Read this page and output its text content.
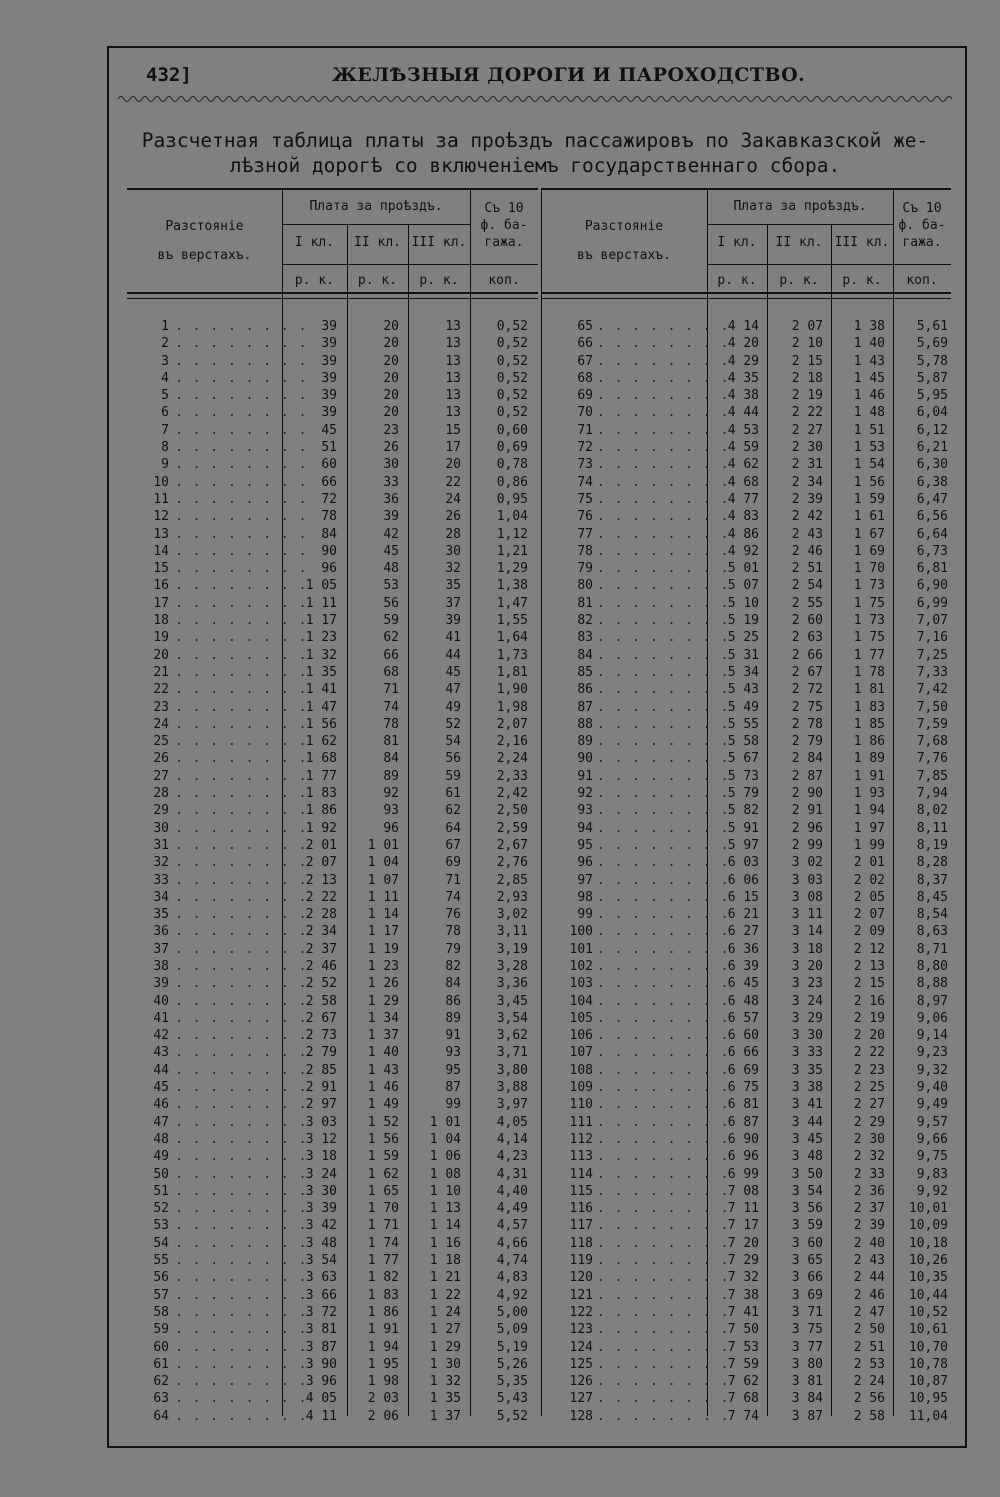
432]	ЖЕЛѢЗНЫЯ ДОРОГИ И ПАРОХОДСТВО.
Разсчетная таблица платы за проѣздъ пассажировъ по Закавказской же-
лѣзной дорогѣ со включеніемъ государственнаго сбора.
Разстояніе
въ верстахъ.
Плата за проѣздъ.
I кл.	II кл. III кл.
Съ 10
ф. ба-
гажа.
р. к.	р. к.	р. к.	коп.
. . . . . . . .
1	39	20	13	0,52
. . . . . . . .
2	39	20	13	0,52
. . . . . . . .
3	39	20	13	0,52
. . . . . . . .
4	39	20	13	0,52
. . . . . . . .
5	39	20	13	0,52
. . . . . . . .
6	39	20	13	0,52
. . . . . . . .
7	45	23	15	0,60
. . . . . . . .
8	51	26	17	0,69
. . . . . . . .
9	60	30	20	0,78
. . . . . . . .
10	66	33	22	0,86
. . . . . . . .
11	72	36	24	0,95
. . . . . . . .
12	78	39	26	1,04
. . . . . . . .
13	84	42	28	1,12
. . . . . . . .
14	90	45	30	1,21
. . . . . . . .
15	96	48	32	1,29
. . . . . . . .
16	1 05	53	35	1,38
. . . . . . . .
17	1 11	56	37	1,47
. . . . . . . .
18	1 17	59	39	1,55
. . . . . . . .
19	1 23	62	41	1,64
. . . . . . . .
20	1 32	66	44	1,73
. . . . . . . .
21	1 35	68	45	1,81
. . . . . . . .
22	1 41	71	47	1,90
. . . . . . . .
23	1 47	74	49	1,98
. . . . . . . .
24	1 56	78	52	2,07
. . . . . . . .
25	1 62	81	54	2,16
. . . . . . . .
26	1 68	84	56	2,24
. . . . . . . .
27	1 77	89	59	2,33
. . . . . . . .
28	1 83	92	61	2,42
. . . . . . . .
29	1 86	93	62	2,50
. . . . . . . .
30	1 92	96	64	2,59
. . . . . . . .
31	2 01	1 01	67	2,67
. . . . . . . .
32	2 07	1 04	69	2,76
. . . . . . . .
33	2 13	1 07	71	2,85
. . . . . . . .
34	2 22	1 11	74	2,93
. . . . . . . .
35	2 28	1 14	76	3,02
. . . . . . . .
36	2 34	1 17	78	3,11
. . . . . . . .
37	2 37	1 19	79	3,19
. . . . . . . .
38	2 46	1 23	82	3,28
. . . . . . . .
39	2 52	1 26	84	3,36
. . . . . . . .
40	2 58	1 29	86	3,45
. . . . . . . .
41	2 67	1 34	89	3,54
. . . . . . . .
42	2 73	1 37	91	3,62
. . . . . . . .
43	2 79	1 40	93	3,71
. . . . . . . .
44	2 85	1 43	95	3,80
. . . . . . . .
45	2 91	1 46	87	3,88
. . . . . . . .
46	2 97	1 49	99	3,97
. . . . . . . .
47	3 03	1 52	1 01	4,05
. . . . . . . .
48	3 12	1 56	1 04	4,14
. . . . . . . .
49	3 18	1 59	1 06	4,23
. . . . . . . .
50	3 24	1 62	1 08	4,31
. . . . . . . .
51	3 30	1 65	1 10	4,40
. . . . . . . .
52	3 39	1 70	1 13	4,49
. . . . . . . .
53	3 42	1 71	1 14	4,57
. . . . . . . .
54	3 48	1 74	1 16	4,66
. . . . . . . .
55	3 54	1 77	1 18	4,74
. . . . . . . .
56	3 63	1 82	1 21	4,83
. . . . . . . .
57	3 66	1 83	1 22	4,92
. . . . . . . .
58	3 72	1 86	1 24	5,00
. . . . . . . .
59	3 81	1 91	1 27	5,09
. . . . . . . .
60	3 87	1 94	1 29	5,19
. . . . . . . .
61	3 90	1 95	1 30	5,26
. . . . . . . .
62	3 96	1 98	1 32	5,35
. . . . . . . .
63	4 05	2 03	1 35	5,43
. . . . . . . .
64	4 11	2 06	1 37	5,52
Разстояніе
въ верстахъ.
Плата за проѣздъ.
I кл.	II кл. III кл.
Съ 10
ф. ба-
гажа.
р. к.	р. к.	р. к.	коп.
. . . . . . . .
65	4 14	2 07	1 38	5,61
. . . . . . . .
66	4 20	2 10	1 40	5,69
. . . . . . . .
67	4 29	2 15	1 43	5,78
. . . . . . . .
68	4 35	2 18	1 45	5,87
. . . . . . . .
69	4 38	2 19	1 46	5,95
. . . . . . . .
70	4 44	2 22	1 48	6,04
. . . . . . . .
71	4 53	2 27	1 51	6,12
. . . . . . . .
72	4 59	2 30	1 53	6,21
. . . . . . . .
73	4 62	2 31	1 54	6,30
. . . . . . . .
74	4 68	2 34	1 56	6,38
. . . . . . . .
75	4 77	2 39	1 59	6,47
. . . . . . . .
76	4 83	2 42	1 61	6,56
. . . . . . . .
77	4 86	2 43	1 67	6,64
. . . . . . . .
78	4 92	2 46	1 69	6,73
. . . . . . . .
79	5 01	2 51	1 70	6,81
. . . . . . . .
80	5 07	2 54	1 73	6,90
. . . . . . . .
81	5 10	2 55	1 75	6,99
. . . . . . . .
82	5 19	2 60	1 73	7,07
. . . . . . . .
83	5 25	2 63	1 75	7,16
. . . . . . . .
84	5 31	2 66	1 77	7,25
. . . . . . . .
85	5 34	2 67	1 78	7,33
. . . . . . . .
86	5 43	2 72	1 81	7,42
. . . . . . . .
87	5 49	2 75	1 83	7,50
. . . . . . . .
88	5 55	2 78	1 85	7,59
. . . . . . . .
89	5 58	2 79	1 86	7,68
. . . . . . . .
90	5 67	2 84	1 89	7,76
. . . . . . . .
91	5 73	2 87	1 91	7,85
. . . . . . . .
92	5 79	2 90	1 93	7,94
. . . . . . . .
93	5 82	2 91	1 94	8,02
. . . . . . . .
94	5 91	2 96	1 97	8,11
. . . . . . . .
95	5 97	2 99	1 99	8,19
. . . . . . . .
96	6 03	3 02	2 01	8,28
. . . . . . . .
97	6 06	3 03	2 02	8,37
. . . . . . . .
98	6 15	3 08	2 05	8,45
. . . . . . . .
99	6 21	3 11	2 07	8,54
. . . . . . . .
100	6 27	3 14	2 09	8,63
. . . . . . . .
101	6 36	3 18	2 12	8,71
. . . . . . . .
102	6 39	3 20	2 13	8,80
. . . . . . . .
103	6 45	3 23	2 15	8,88
. . . . . . . .
104	6 48	3 24	2 16	8,97
. . . . . . . .
105	6 57	3 29	2 19	9,06
. . . . . . . .
106	6 60	3 30	2 20	9,14
. . . . . . . .
107	6 66	3 33	2 22	9,23
. . . . . . . .
108	6 69	3 35	2 23	9,32
. . . . . . . .
109	6 75	3 38	2 25	9,40
. . . . . . . .
110	6 81	3 41	2 27	9,49
. . . . . . . .
111	6 87	3 44	2 29	9,57
. . . . . . . .
112	6 90	3 45	2 30	9,66
. . . . . . . .
113	6 96	3 48	2 32	9,75
. . . . . . . .
114	6 99	3 50	2 33	9,83
. . . . . . . .
115	7 08	3 54	2 36	9,92
. . . . . . . .
116	7 11	3 56	2 37	10,01
. . . . . . . .
117	7 17	3 59	2 39	10,09
. . . . . . . .
118	7 20	3 60	2 40	10,18
. . . . . . . .
119	7 29	3 65	2 43	10,26
. . . . . . . .
120	7 32	3 66	2 44	10,35
. . . . . . . .
121	7 38	3 69	2 46	10,44
. . . . . . . .
122	7 41	3 71	2 47	10,52
. . . . . . . .
123	7 50	3 75	2 50	10,61
. . . . . . . .
124	7 53	3 77	2 51	10,70
. . . . . . . .
125	7 59	3 80	2 53	10,78
. . . . . . . .
126	7 62	3 81	2 24	10,87
. . . . . . . .
127	7 68	3 84	2 56	10,95
. . . . . . . .
128	7 74	3 87	2 58	11,04
